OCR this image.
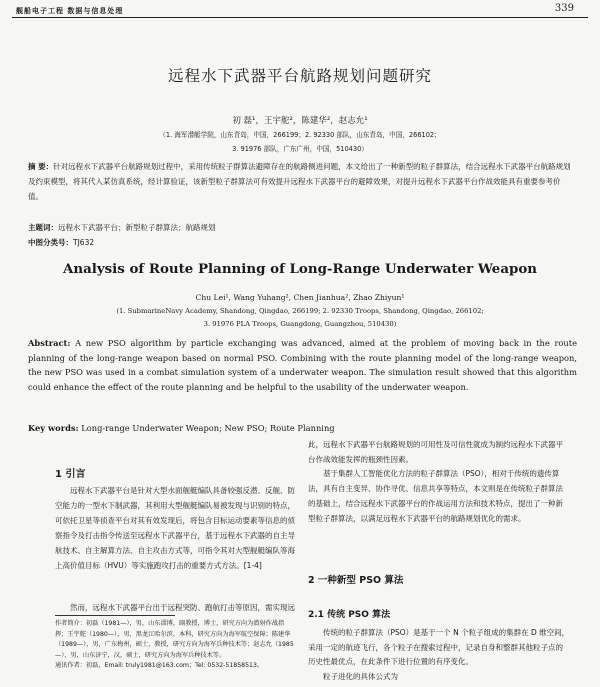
舰船电子工程 数据与信息处理	339
远程水下武器平台航路规划问题研究
初 磊¹，王宇舵²，陈建华²，赵志允¹
（1. 海军潜艇学院，山东青岛，中国，266199；2. 92330 部队，山东青岛，中国，266102；
3. 91976 部队，广东广州，中国，510430）
摘 要：针对远程水下武器平台航路规划过程中，采用传统粒子群算法避障存在的航路侧进问题，本文给出了一种新型的粒子群算法，结合远程水下武器平台航路规划及约束模型，将其代入某仿真系统，经计算验证，该新型粒子群算法可有效提升远程水下武器平台的避障效果，对提升远程水下武器平台作战效能具有重要参考价值。
主题词：远程水下武器平台；新型粒子群算法；航路规划
中图分类号：TJ632
Analysis of Route Planning of Long-Range Underwater Weapon
Chu Lei¹, Wang Yuhang², Chen Jianhua², Zhao Zhiyun¹
(1. SubmarineNavy Academy, Shandong, Qingdao, 266199; 2. 92330 Troops, Shandong, Qingdao, 266102;
3. 91976 PLA Troops, Guangdong, Guangzhou, 510430)
Abstract: A new PSO algorithm by particle exchanging was advanced, aimed at the problem of moving back in the route planning of the long-range weapon based on normal PSO. Combining with the route planning model of the long-range weapon, the new PSO was used in a combat simulation system of a underwater weapon. The simulation result showed that this algorithm could enhance the effect of the route planning and be helpful to the usability of the underwater weapon.
Key words: Long-range Underwater Weapon; New PSO; Route Planning
此，远程水下武器平台航路规划的可用性及可信性就成为制约远程水下武器平台作战效能发挥的瓶颈性因素。
1 引言
远程水下武器平台是针对大型水面舰艇编队具备较强反潜、反舰、防空能力的一型水下制武器，其利用大型舰艇编队易被发现与识别的特点，可依托卫星等侦查平台对其有效发现后，将包含目标运动要素等信息的侦察指令及打击指令传送至远程水下武器平台，基于远程水下武器的自主导航技术、自主解算方法、自主攻击方式等，可指令其对大型舰艇编队等海上高价值目标（HVU）等实施跑攻打击的重要方式方法。[1-4]
然而，远程水下武器平台出于远程突防、跑航打击等原因，需实现远
基于集群人工智能优化方法的粒子群算法（PSO），相对于传统的遗传算法，具有自主变异、协作寻优、信息共享等特点，本文则是在传统粒子群算法的基础上，结合远程水下武器平台的作战运用方法和技术特点，提出了一种新型粒子群算法，以满足远程水下武器平台的航路规划优化的需求。
2 一种新型 PSO 算法
2.1 传统 PSO 算法
传统的粒子群算法（PSO）是基于一个 N 个粒子组成的集群在 D 维空间，采用一定的航迹飞行，各个粒子在搜索过程中，记录自身和整群其他粒子点的历史性最优点，在此条件下进行位置的有序变化。
粒子进化的具体公式为
作者简介：初磊（1981—），男，山东淄博，副教授，博士，研究方向为潜射作战指挥；王宇舵（1980—），男，黑龙江哈尔滨，本科，研究方向为海军航空保障；陈建华（1989—），男，广东梅州，硕士，教授，研究方向为海军兵种技术等；赵志允（1985—），男，山东济宁，汉，硕士，研究方向为海军兵种技术等。
通讯作者：初磊，Email: truly1981@163.com；Tel: 0532-51858513。
